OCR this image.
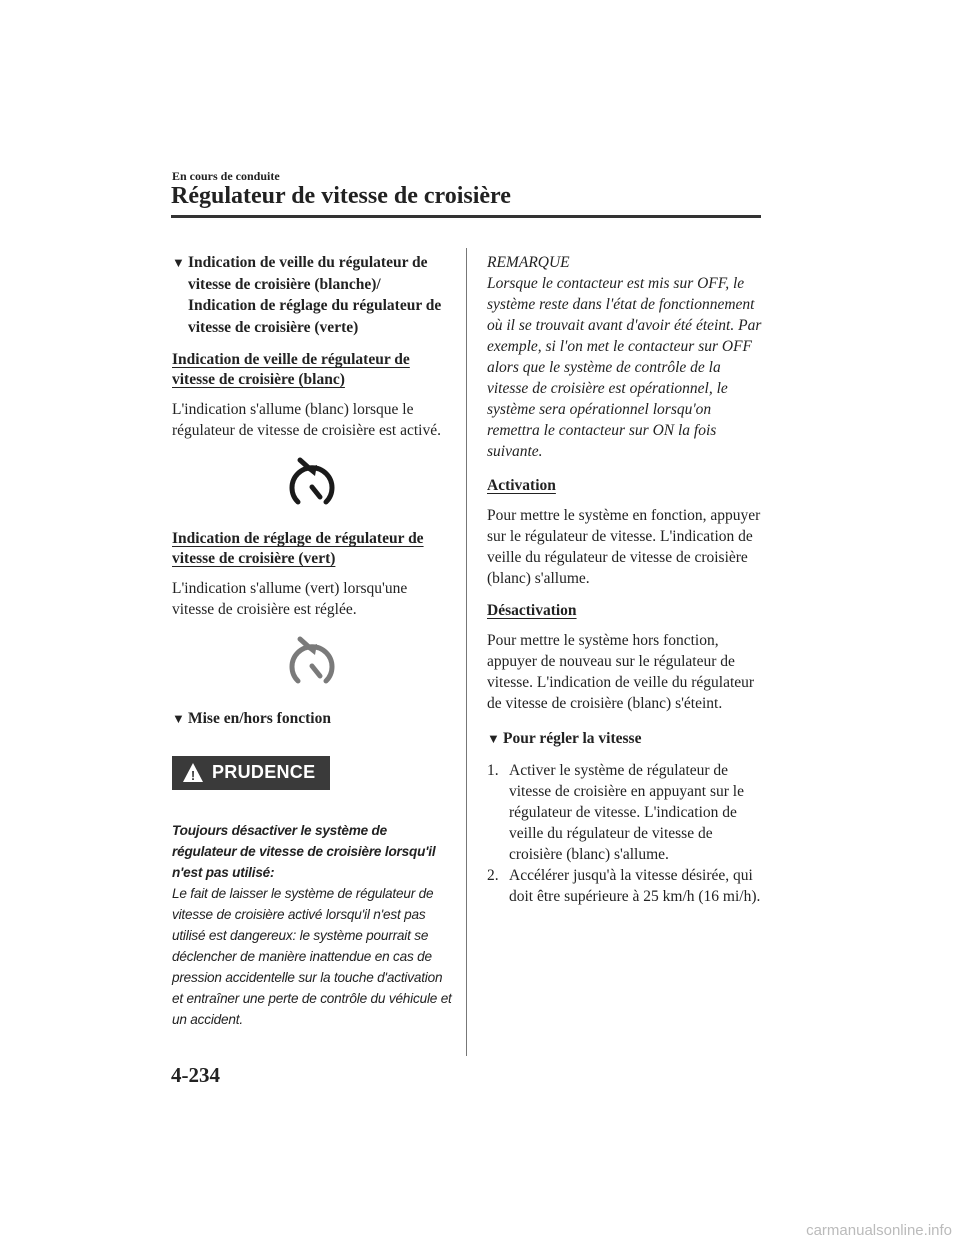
En cours de conduite
Régulateur de vitesse de croisière
▼ Indication de veille du régulateur de vitesse de croisière (blanche)/ Indication de réglage du régulateur de vitesse de croisière (verte)
Indication de veille de régulateur de vitesse de croisière (blanc)
L'indication s'allume (blanc) lorsque le régulateur de vitesse de croisière est activé.
Indication de réglage de régulateur de vitesse de croisière (vert)
L'indication s'allume (vert) lorsqu'une vitesse de croisière est réglée.
▼ Mise en/hors fonction
! PRUDENCE
Toujours désactiver le système de régulateur de vitesse de croisière lorsqu'il n'est pas utilisé:
Le fait de laisser le système de régulateur de vitesse de croisière activé lorsqu'il n'est pas utilisé est dangereux: le système pourrait se déclencher de manière inattendue en cas de pression accidentelle sur la touche d'activation et entraîner une perte de contrôle du véhicule et un accident.
REMARQUE
Lorsque le contacteur est mis sur OFF, le système reste dans l'état de fonctionnement où il se trouvait avant d'avoir été éteint. Par exemple, si l'on met le contacteur sur OFF alors que le système de contrôle de la vitesse de croisière est opérationnel, le système sera opérationnel lorsqu'on remettra le contacteur sur ON la fois suivante.
Activation
Pour mettre le système en fonction, appuyer sur le régulateur de vitesse. L'indication de veille du régulateur de vitesse de croisière (blanc) s'allume.
Désactivation
Pour mettre le système hors fonction, appuyer de nouveau sur le régulateur de vitesse. L'indication de veille du régulateur de vitesse de croisière (blanc) s'éteint.
▼ Pour régler la vitesse
1. Activer le système de régulateur de vitesse de croisière en appuyant sur le régulateur de vitesse. L'indication de veille du régulateur de vitesse de croisière (blanc) s'allume.
2. Accélérer jusqu'à la vitesse désirée, qui doit être supérieure à 25 km/h (16 mi/h).
4-234
carmanualsonline.info
